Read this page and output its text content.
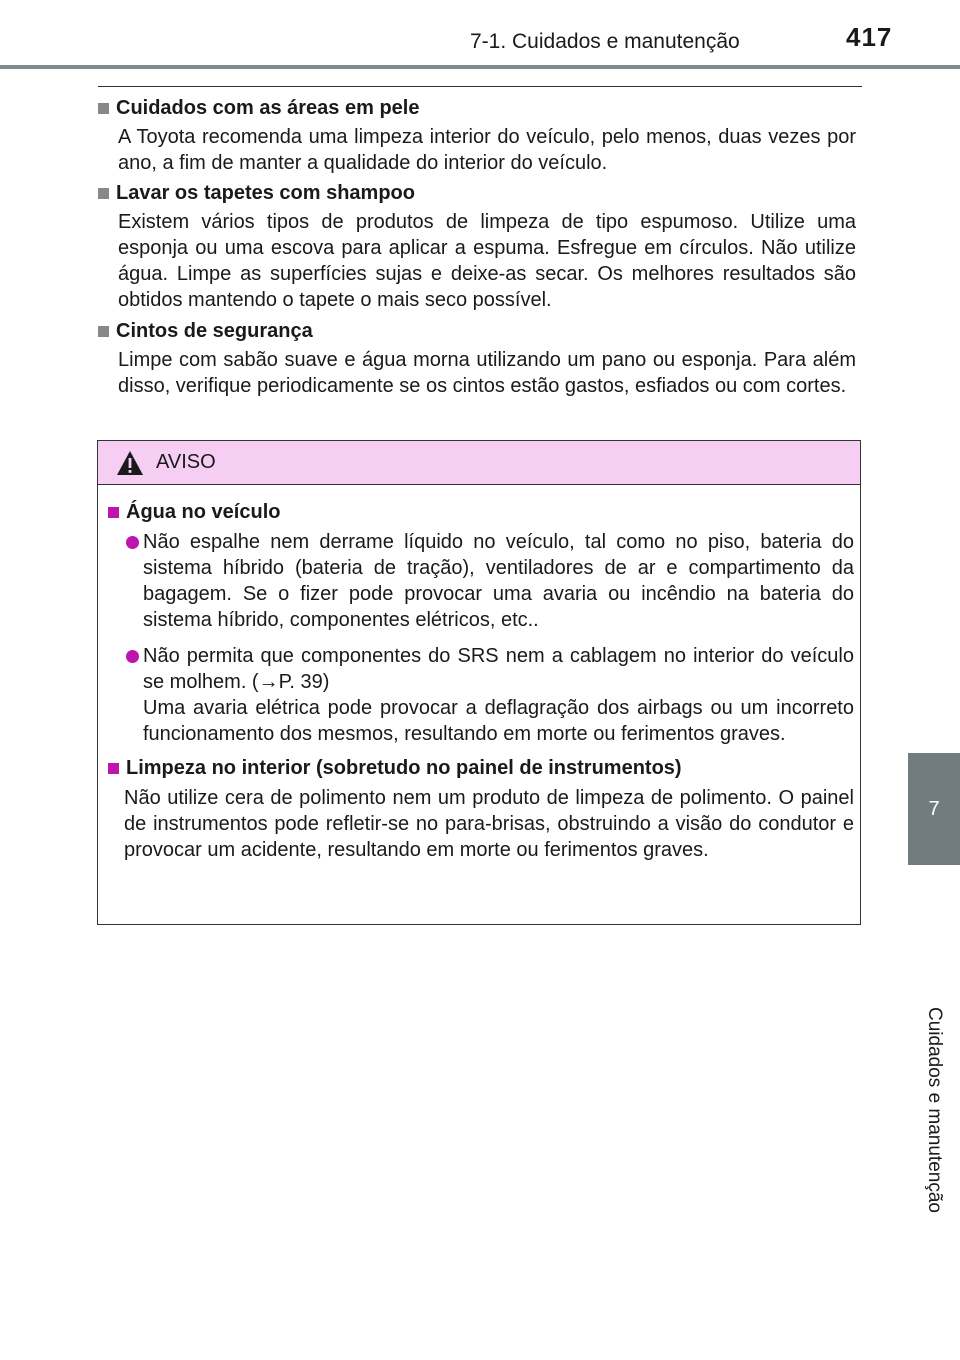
7-1. Cuidados e manutenção	417
7
Cuidados e manutenção
Cuidados com as áreas em pele
A Toyota recomenda uma limpeza interior do veículo, pelo menos, duas vezes por ano, a fim de manter a qualidade do interior do veículo.
Lavar os tapetes com shampoo
Existem vários tipos de produtos de limpeza de tipo espumoso. Utilize uma esponja ou uma escova para aplicar a espuma. Esfregue em círculos. Não utilize água. Limpe as superfícies sujas e deixe-as secar. Os melhores resultados são obtidos mantendo o tapete o mais seco possível.
Cintos de segurança
Limpe com sabão suave e água morna utilizando um pano ou esponja. Para além disso, verifique periodicamente se os cintos estão gastos, esfiados ou com cortes.
AVISO
Água no veículo
Não espalhe nem derrame líquido no veículo, tal como no piso, bateria do sistema híbrido (bateria de tração), ventiladores de ar e compartimento da bagagem. Se o fizer pode provocar uma avaria ou incêndio na bateria do sistema híbrido, componentes elétricos, etc..
Não permita que componentes do SRS nem a cablagem no interior do veículo se molhem. (→P. 39)
Uma avaria elétrica pode provocar a deflagração dos airbags ou um incorreto funcionamento dos mesmos, resultando em morte ou ferimentos graves.
Limpeza no interior (sobretudo no painel de instrumentos)
Não utilize cera de polimento nem um produto de limpeza de polimento. O painel de instrumentos pode refletir-se no para-brisas, obstruindo a visão do condutor e provocar um acidente, resultando em morte ou ferimentos graves.
